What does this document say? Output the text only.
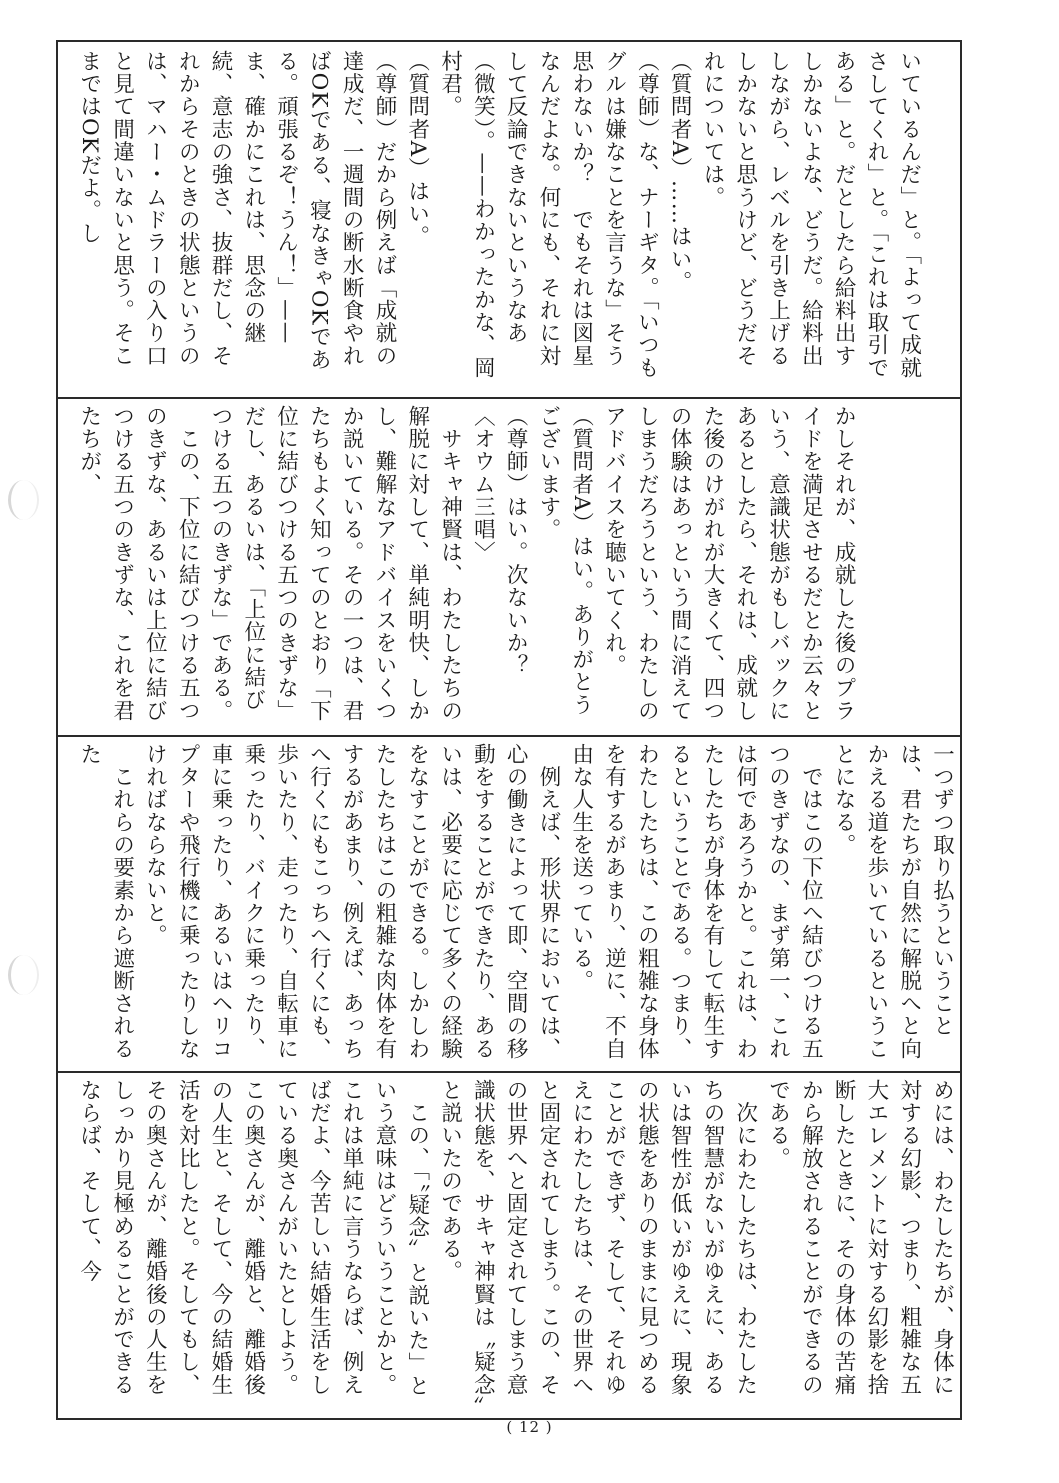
いているんだ」と。「よって成就さしてくれ」と。「これは取引である」と。だとしたら給料出すしかないよな、どうだ。給料出しながら、レベルを引き上げるしかないと思うけど、どうだそれについては。
（質問者A）……はい。
（尊師）な、ナーギタ。「いつもグルは嫌なことを言うな」そう思わないか？　でもそれは図星なんだよな。何にも、それに対して反論できないというなあ（微笑）。——わかったかな、岡村君。
（質問者A）はい。
（尊師）だから例えば「成就の達成だ、一週間の断水断食やればOKである、寝なきゃOKである。頑張るぞ！うん！」——ま、確かにこれは、思念の継続、意志の強さ、抜群だし、それからそのときの状態というのは、マハー・ムドラーの入り口と見て間違いないと思う。そこまではOKだよ。し

かしそれが、成就した後のプライドを満足させるだとか云々という、意識状態がもしバックにあるとしたら、それは、成就した後のけがれが大きくて、四つの体験はあっという間に消えてしまうだろうという、わたしのアドバイスを聴いてくれ。
（質問者A）はい。ありがとうございます。
（尊師）はい。次ないか？
〈オウム三唱〉
　サキャ神賢は、わたしたちの解脱に対して、単純明快、しかし、難解なアドバイスをいくつか説いている。その一つは、君たちもよく知ってのとおり「下位に結びつける五つのきずな」だし、あるいは、「上位に結びつける五つのきずな」である。
　この、下位に結びつける五つのきずな、あるいは上位に結びつける五つのきずな、これを君たちが、

一つずつ取り払うということは、君たちが自然に解脱へと向かえる道を歩いているということになる。
　ではこの下位へ結びつける五つのきずなの、まず第一、これは何であろうかと。これは、わたしたちが身体を有して転生するということである。つまり、わたしたちは、この粗雑な身体を有するがあまり、逆に、不自由な人生を送っている。
　例えば、形状界においては、心の働きによって即、空間の移動をすることができたり、あるいは、必要に応じて多くの経験をなすことができる。しかしわたしたちはこの粗雑な肉体を有するがあまり、例えば、あっちへ行くにもこっちへ行くにも、歩いたり、走ったり、自転車に乗ったり、バイクに乗ったり、車に乗ったり、あるいはヘリコプターや飛行機に乗ったりしなければならないと。
　これらの要素から遮断されるた

めには、わたしたちが、身体に対する幻影、つまり、粗雑な五大エレメントに対する幻影を捨断したときに、その身体の苦痛から解放されることができるのである。
　次にわたしたちは、わたしたちの智慧がないがゆえに、あるいは智性が低いがゆえに、現象の状態をありのままに見つめることができず、そして、それゆえにわたしたちは、その世界へと固定されてしまう。この、その世界へと固定されてしまう意識状態を、サキャ神賢は〝疑念〟と説いたのである。
　この、「〝疑念〟と説いた」という意味はどういうことかと。これは単純に言うならば、例えばだよ、今苦しい結婚生活をしている奥さんがいたとしよう。この奥さんが、離婚と、離婚後の人生と、そして、今の結婚生活を対比したと。そしてもし、その奥さんが、離婚後の人生をしっかり見極めることができるならば、そして、今

( 12 )
